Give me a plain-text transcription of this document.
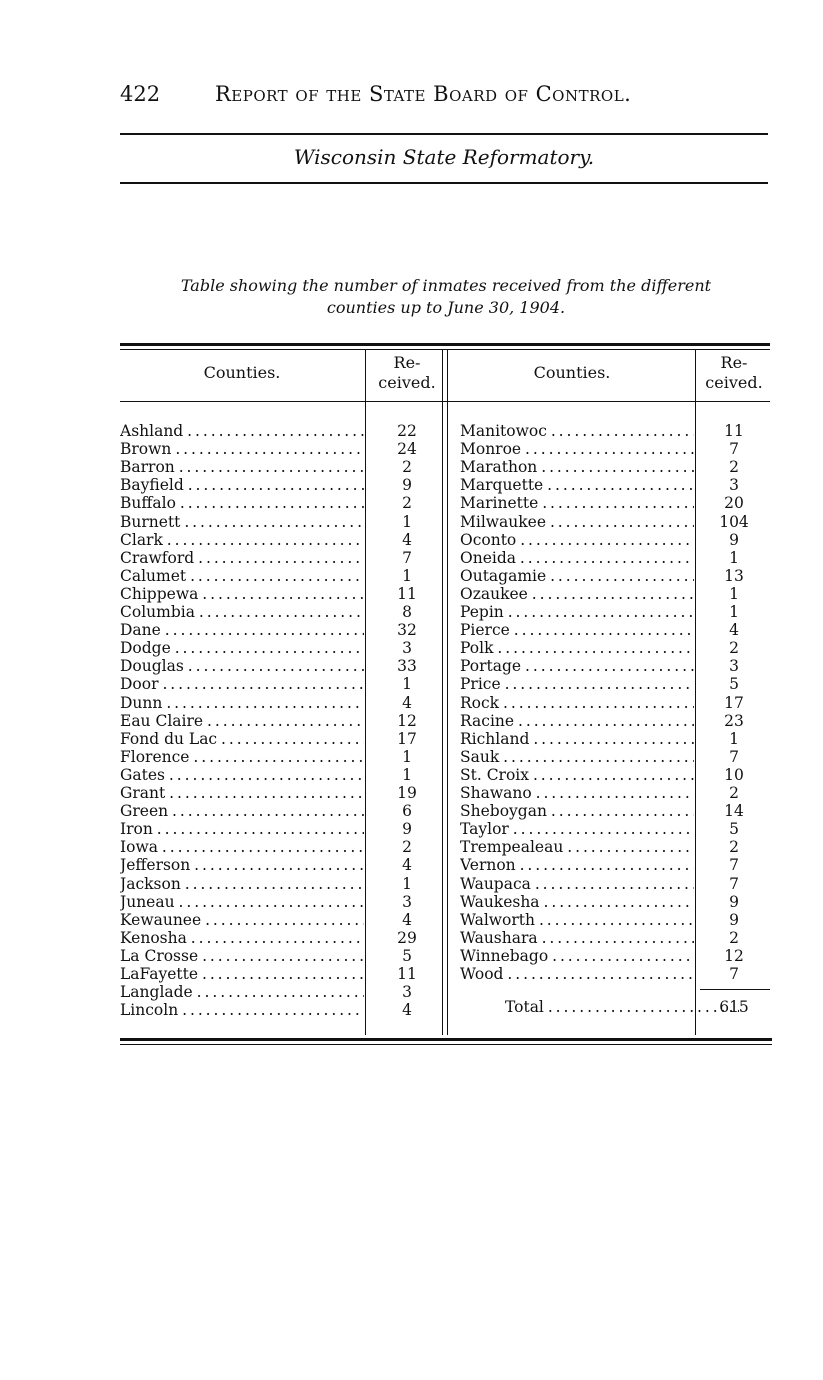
422	Report of the State Board of Control.
Wisconsin State Reformatory.
Table showing the number of inmates received from the different
counties up to June 30, 1904.
Counties.
Re-
ceived.
Counties.
Re-
ceived.
Ashland . . .	22	Manitowoc . . .	11
Brown . . .	24	Monroe . . .	7
Barron . . .	2	Marathon . . .	2
Bayfield . . .	9	Marquette . . .	3
Buffalo . . .	2	Marinette . . .	20
Burnett . . .	1	Milwaukee . . .	104
Clark . . .	4	Oconto . . .	9
Crawford . . .	7	Oneida . . .	1
Calumet . . .	1	Outagamie . . .	13
Chippewa . . .	11	Ozaukee . . .	1
Columbia . . .	8	Pepin . . .	1
Dane . . .	32	Pierce . . .	4
Dodge . . .	3	Polk . . .	2
Douglas . . .	33	Portage . . .	3
Door . . .	1	Price . . .	5
Dunn . . .	4	Rock . . .	17
Eau Claire . . .	12	Racine . . .	23
Fond du Lac . . .	17	Richland . . .	1
Florence . . .	1	Sauk . . .	7
Gates . . .	1	St. Croix . . .	10
Grant . . .	19	Shawano . . .	2
Green . . .	6	Sheboygan . . .	14
Iron . . .	9	Taylor . . .	5
Iowa . . .	2	Trempealeau . . .	2
Jefferson . . .	4	Vernon . . .	7
Jackson . . .	1	Waupaca . . .	7
Juneau . . .	3	Waukesha . . .	9
Kewaunee . . .	4	Walworth . . .	9
Kenosha . . .	29	Waushara . . .	2
La Crosse . . .	5	Winnebago . . .	12
LaFayette . . .	11	Wood . . .	7
Langlade . . .	3
Lincoln . . .	4	Total . . .	615
